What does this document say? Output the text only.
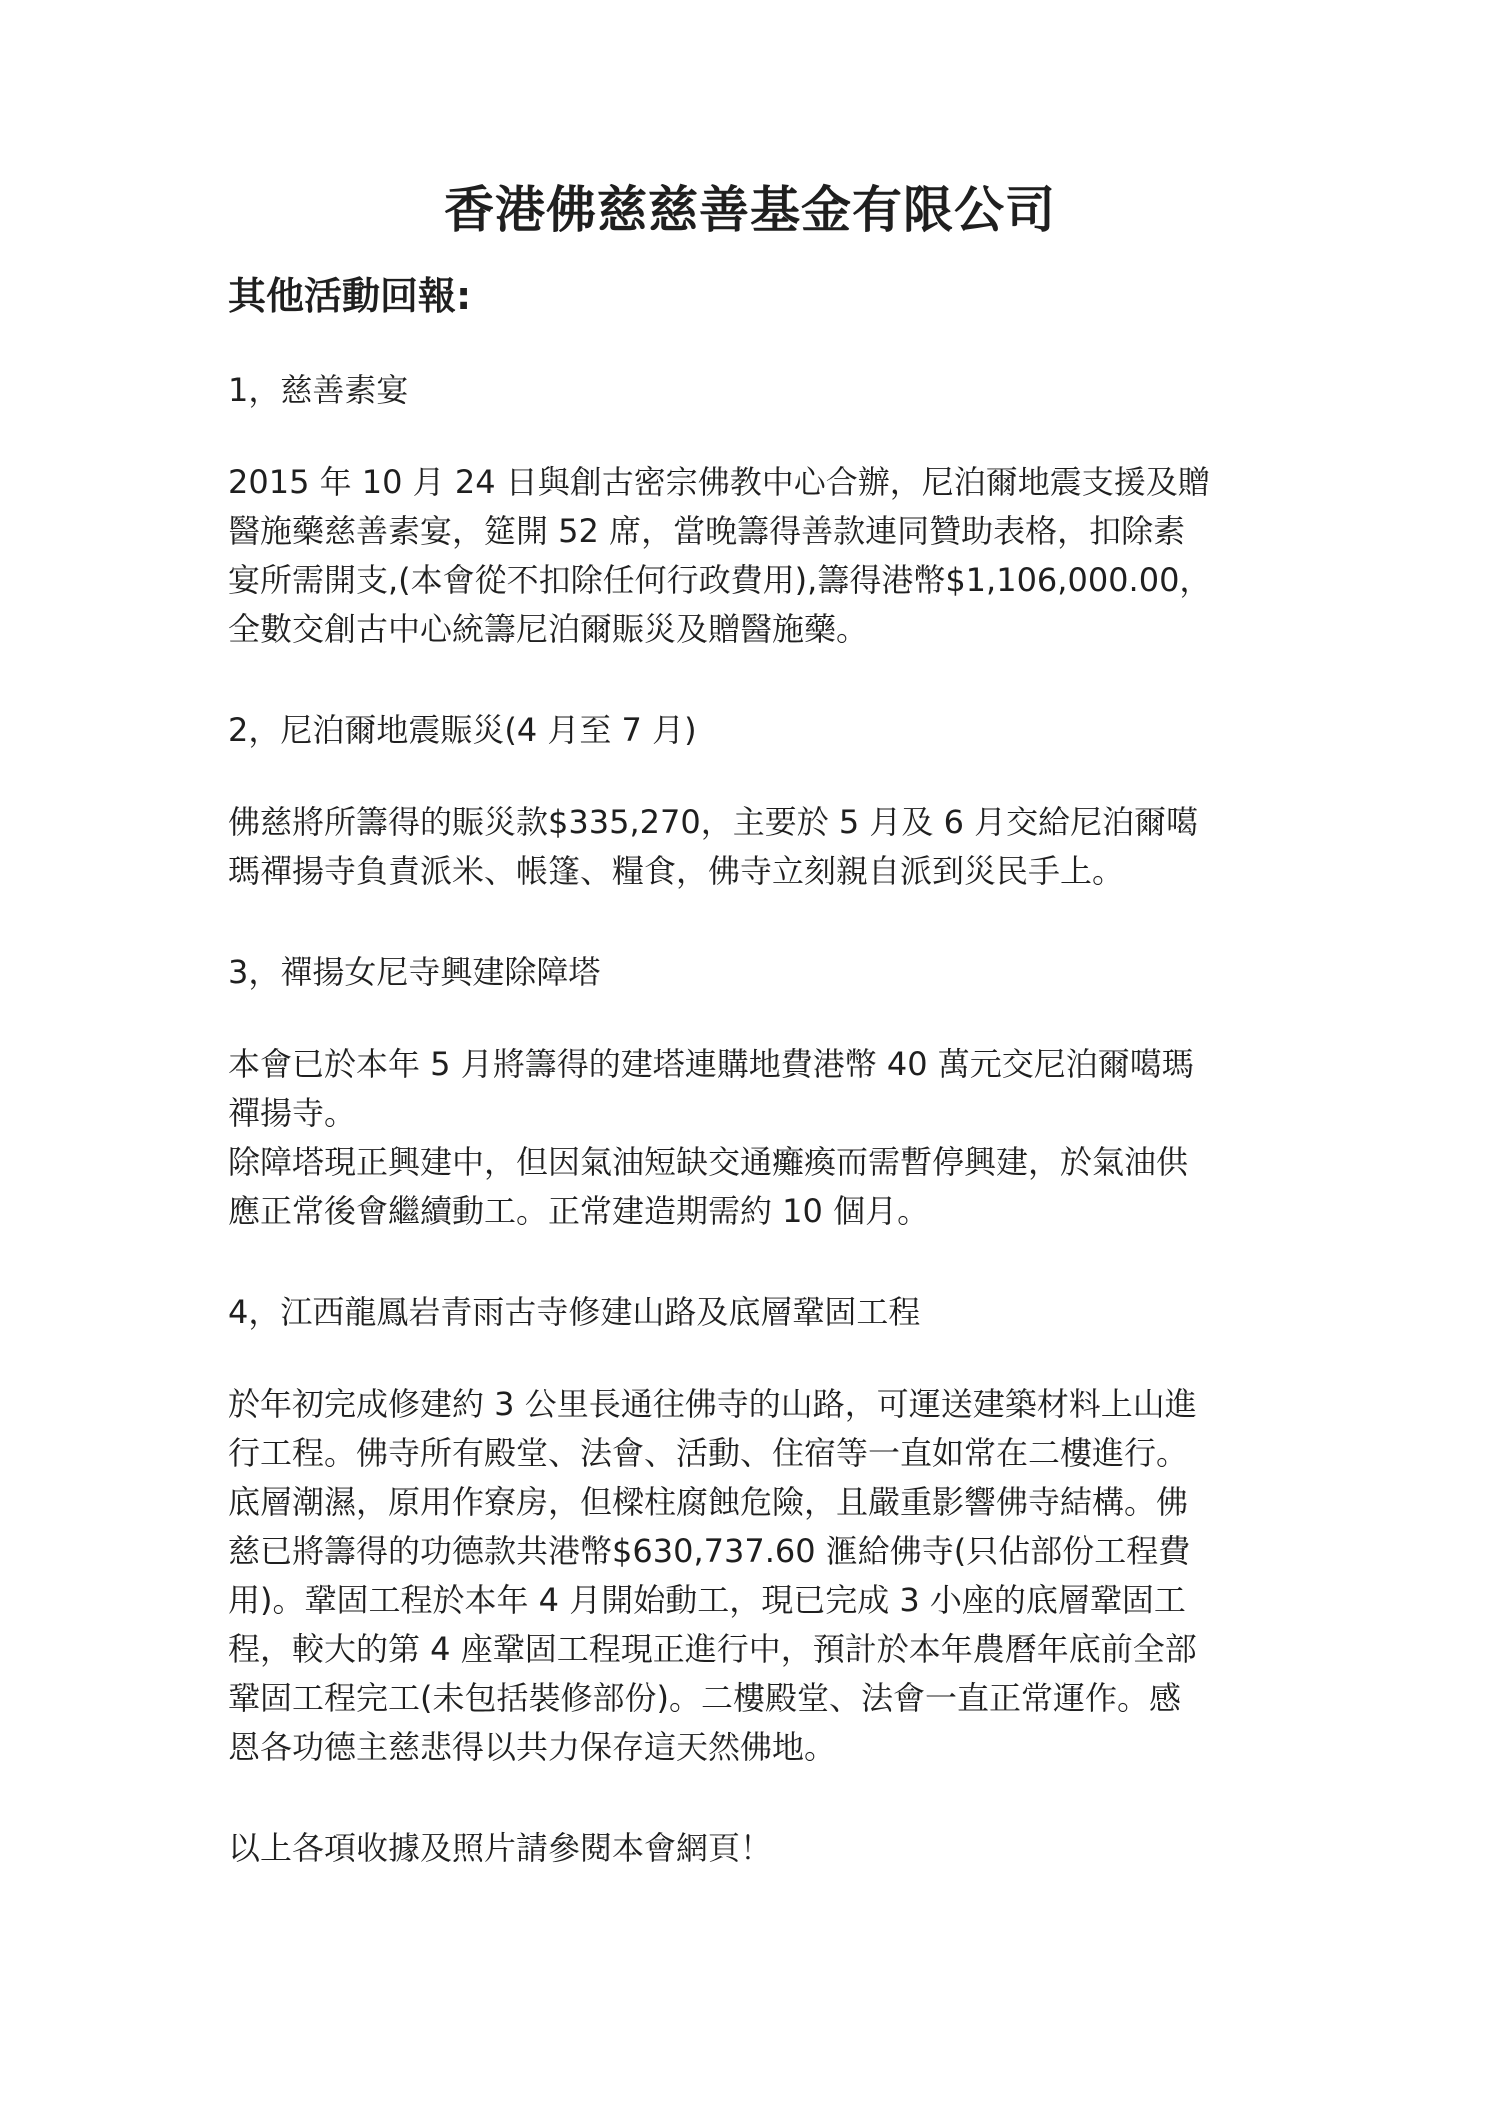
香港佛慈慈善基金有限公司
其他活動回報:

1，慈善素宴

2015 年 10 月 24 日與創古密宗佛教中心合辦，尼泊爾地震支援及贈
醫施藥慈善素宴，筵開 52 席，當晚籌得善款連同贊助表格，扣除素
宴所需開支,(本會從不扣除任何行政費用),籌得港幣$1,106,000.00，
全數交創古中心統籌尼泊爾賑災及贈醫施藥。

2，尼泊爾地震賑災(4 月至 7 月)

佛慈將所籌得的賑災款$335,270，主要於 5 月及 6 月交給尼泊爾噶
瑪禪揚寺負責派米、帳篷、糧食，佛寺立刻親自派到災民手上。

3，禪揚女尼寺興建除障塔

本會已於本年 5 月將籌得的建塔連購地費港幣 40 萬元交尼泊爾噶瑪
禪揚寺。
除障塔現正興建中，但因氣油短缺交通癱瘓而需暫停興建，於氣油供
應正常後會繼續動工。正常建造期需約 10 個月。

4，江西龍鳳岩青雨古寺修建山路及底層鞏固工程

於年初完成修建約 3 公里長通往佛寺的山路，可運送建築材料上山進
行工程。佛寺所有殿堂、法會、活動、住宿等一直如常在二樓進行。
底層潮濕，原用作寮房，但樑柱腐蝕危險，且嚴重影響佛寺結構。佛
慈已將籌得的功德款共港幣$630,737.60 滙給佛寺(只佔部份工程費
用)。鞏固工程於本年 4 月開始動工，現已完成 3 小座的底層鞏固工
程，較大的第 4 座鞏固工程現正進行中，預計於本年農曆年底前全部
鞏固工程完工(未包括裝修部份)。二樓殿堂、法會一直正常運作。感
恩各功德主慈悲得以共力保存這天然佛地。

以上各項收據及照片請參閱本會網頁！
